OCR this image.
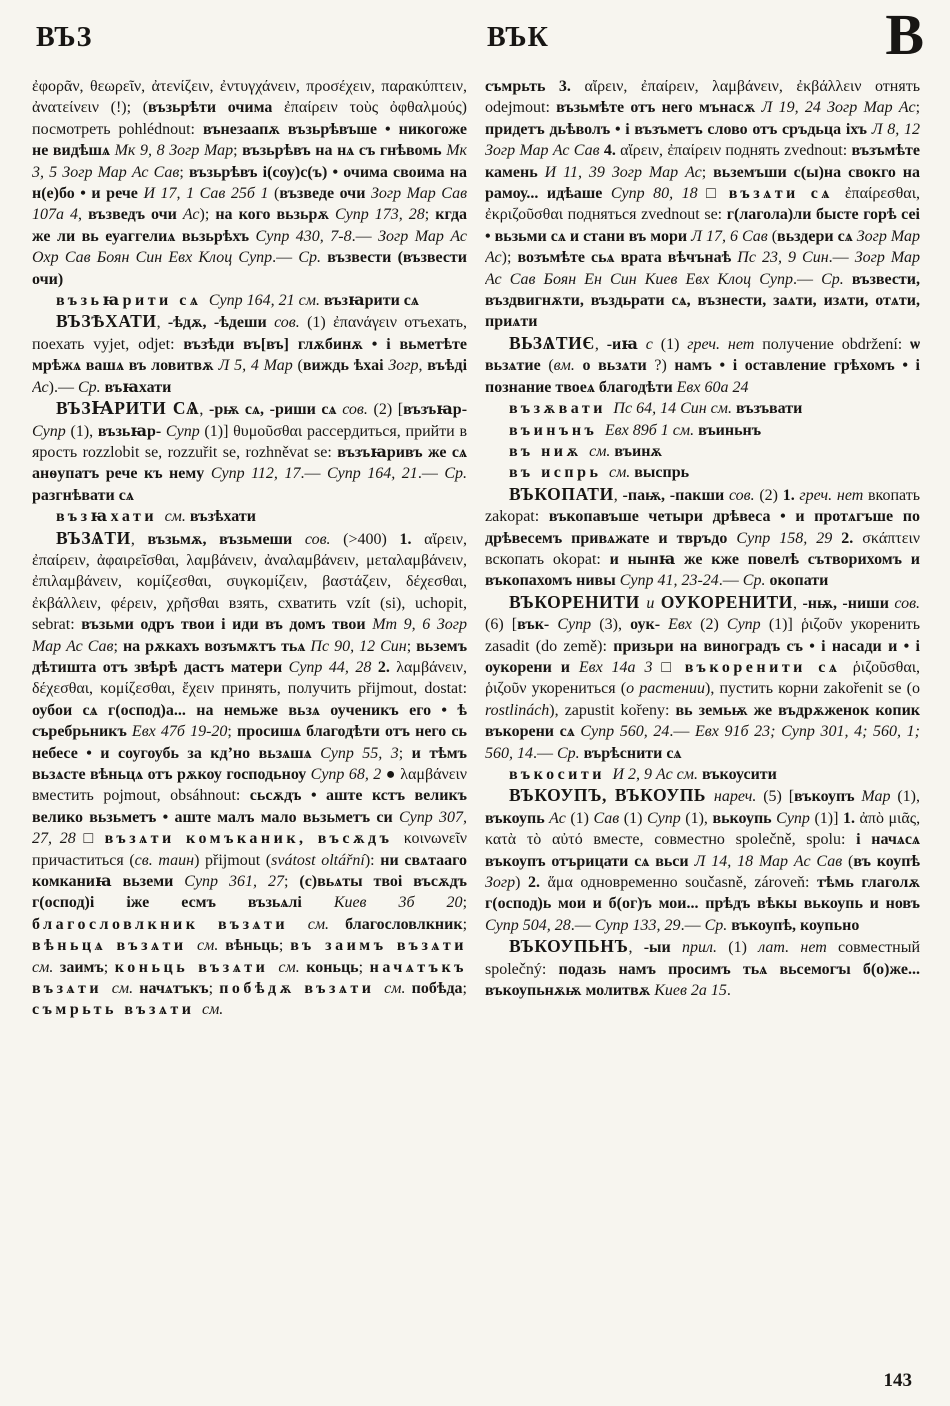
ВЪЗ	ВЪК	В

ἐφορᾶν, θεωρεῖν, ἀτενίζειν, ἐντυγχάνειν, προσέχειν, παρακύπτειν, ἀνατείνειν (!); (възьрѣти очима ἐπαίρειν τοὺς ὀφθαλμούς) посмотреть pohlédnout: вънезаапѫ възьрѣвъше • никогоже не видѣшѧ Мк 9, 8 Зогр Мар; възьрѣвъ на нѧ съ гнѣвомь Мк 3, 5 Зогр Мар Ас Сав; възьрѣвъ і(соу)с(ъ) • очима своима на н(е)бо • и рече И 17, 1 Сав 25б 1 (възведе очи Зогр Мар Сав 107а 4, възведъ очи Ас); на кого вьзьрѫ Супр 173, 28; кгда же ли вь еуаггелиѧ вьзьрѣхъ Супр 430, 7-8.— Зогр Мар Ас Охр Сав Боян Син Евх Клоц Супр.— Ср. възвести (възвести очи)

възьꙗрити сѧ Супр 164, 21 см. възꙗрити сѧ

ВЪЗѢХАТИ, -ѣдѫ, -ѣдеши сов. (1) ἐπανάγειν отъехать, поехать vyjet, odjet: възѣди въ[въ] глѫбинѫ • і вьметѣте мрѣжѧ вашѧ въ ловитвѫ Л 5, 4 Мар (виждь ѣхаі Зогр, въѣді Ас).— Ср. въꙗхати

ВЪЗꙖРИТИ СѦ, -рѭ сѧ, -риши сѧ сов. (2) [възъꙗр- Супр (1), възьꙗр- Супр (1)] θυμοῦσθαι рассердиться, прийти в ярость rozzlobit se, rozzuřit se, rozhněvat se: възъꙗривъ же сѧ анѳупатъ рече къ нему Супр 112, 17.— Супр 164, 21.— Ср. разгнѣвати сѧ

възꙗхати см. възѣхати

ВЪЗѦТИ, възьмѫ, възьмеши сов. (>400) 1. αἴρειν, ἐπαίρειν, ἀφαιρεῖσθαι, λαμβάνειν, ἀναλαμβάνειν, μεταλαμβάνειν, ἐπιλαμβάνειν, κομίζεσθαι, συγκομίζειν, βαστάζειν, δέχεσθαι, ἐκβάλλειν, φέρειν, χρῆσθαι взять, схватить vzít (si), uchopit, sebrat: възьми одръ твои і иди въ домъ твои Мт 9, 6 Зогр Мар Ас Сав; на рѫкахъ возъмѫтъ тьѧ Пс 90, 12 Син; вьземъ дѣтишта отъ звѣрѣ дастъ матери Супр 44, 28 2. λαμβάνειν, δέχεσθαι, κομίζεσθαι, ἔχειν принять, получить přijmout, dostat: оубои сѧ г(оспод)а... на немьже вьзѧ оученикъ его • ѣ съребрьникъ Евх 47б 19-20; просишѧ благодѣти отъ него сь небесе • и соугоубь за кд’но вьзѧшѧ Супр 55, 3; и тѣмъ вьзѧсте вѣньцѧ отъ рѫкоу господьноу Супр 68, 2 ● λαμβάνειν вместить pojmout, obsáhnout: сьсѫдъ • аште кстъ великъ велико вьзьметъ • аште малъ мало вьзьметъ си Супр 307, 27, 28 □ възѧти комъканик, въсѫдъ κοινωνεῖν причаститься (св. таин) přijmout (svátost oltářní): ни свѧтааго комканиꙗ вьземи Супр 361, 27; (с)вьѧты твоі въсѫдъ г(оспод)і іже есмъ възьѧлі Киев 3б 20; благословлкник възѧти см. благословлкник; вѣньцѧ възѧти см. вѣньць; въ заимъ възѧти см. заимъ; коньць възѧти см. коньць; начѧтъкъ възѧти см. начѧтъкъ; побѣдѫ възѧти см. побѣда; съмрьть възѧти см.

съмрьть 3. αἴρειν, ἐπαίρειν, λαμβάνειν, ἐκβάλλειν отнять odejmout: възьмѣте отъ него мънасѫ Л 19, 24 Зогр Мар Ас; придетъ дьѣволъ • і възъметъ слово отъ сръдьца іхъ Л 8, 12 Зогр Мар Ас Сав 4. αἴρειν, ἐπαίρειν поднять zvednout: възъмѣте камень И 11, 39 Зогр Мар Ас; вьземъши с(ы)на свокго на рамоу... идѣаше Супр 80, 18 □ възѧти сѧ ἐπαίρεσθαι, ἐκριζοῦσθαι подняться zvednout se: г(лагола)ли бысте горѣ сеі • вьзьми сѧ и стани въ мори Л 17, 6 Сав (вьздери сѧ Зогр Мар Ас); возъмѣте сьѧ врата вѣчънаѣ Пс 23, 9 Син.— Зогр Мар Ас Сав Боян Ен Син Киев Евх Клоц Супр.— Ср. възвести, въздвигнѫти, въздьрати сѧ, възнести, заѧти, изѧти, отѧти, приѧти

ВЬЗѦТИЄ, -иꙗ с (1) греч. нет получение obdržení: ѡ вьзѧтие (вм. о вьзѧти ?) намъ • і оставление грѣхомъ • і познание твоеѧ благодѣти Евх 60а 24

възѫвати Пс 64, 14 Син см. възъвати

въинънъ Евх 89б 1 см. въиньнъ

въ ниѫ см. въинѫ

въ испрь см. выспрь

ВЪКОПАТИ, -паѭ, -пакши сов. (2) 1. греч. нет вкопать zakopat: въкопавъше четыри дрѣвеса • и протѧгъше по дрѣвесемъ привѧжате и твръдо Супр 158, 29 2. σκάπτειν вскопать okopat: и нынꙗ же кже повелѣ сътворихомъ и въкопахомъ нивы Супр 41, 23-24.— Ср. окопати

ВЪКОРЕНИТИ и ОУКОРЕНИТИ, -нѭ, -ниши сов. (6) [вък- Супр (3), оук- Евх (2) Супр (1)] ῥιζοῦν укоренить zasadit (do země): призьри на виноградъ съ • і насади и • і оукорени и Евх 14а 3 □ въкоренити сѧ ῥιζοῦσθαι, ῥιζοῦν укорениться (о растении), пустить корни zakořenit se (o rostlinách), zapustit kořeny: вь земьѭ же въдрѫженок копик въкорени сѧ Супр 560, 24.— Евх 91б 23; Супр 301, 4; 560, 1; 560, 14.— Ср. върѣснити сѧ

въкосити И 2, 9 Ас см. въкоусити

ВЪКОУПЪ, ВЪКОУПЬ нареч. (5) [въкоупъ Мар (1), въкоупь Ас (1) Сав (1) Супр (1), вькоупь Супр (1)] 1. ἀπὸ μιᾶς, κατὰ τὸ αὐτό вместе, совместно společně, spolu: і начѧсѧ въкоупъ отърицати сѧ вьси Л 14, 18 Мар Ас Сав (въ коупѣ Зогр) 2. ἅμα одновременно současně, zároveň: тѣмь глаголѫ г(оспод)ь мои и б(ог)ъ мои... прѣдъ вѣкы вькоупь и новъ Супр 504, 28.— Супр 133, 29.— Ср. въкоупѣ, коупьно

ВЪКОУПЬНЪ, -ыи прил. (1) лат. нет совместный společný: подазь намъ просимъ тьѧ вьсемогъı б(о)же... въкоупьнѫѭ молитвѫ Киев 2а 15.

143
